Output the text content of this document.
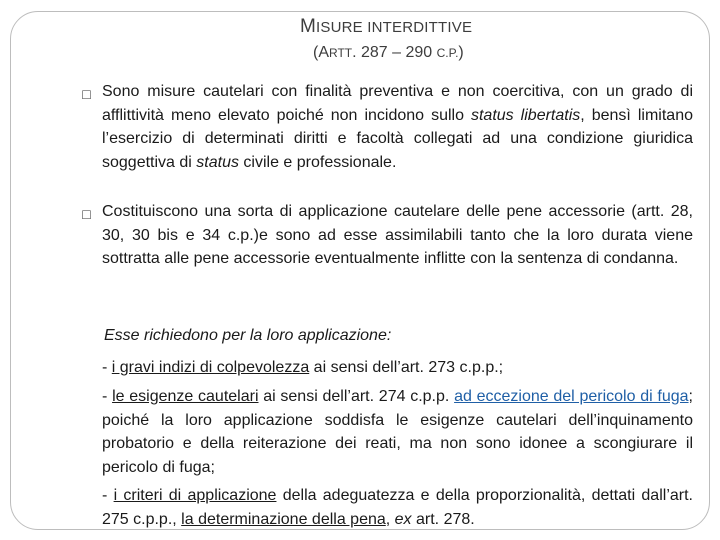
MISURE INTERDITTIVE
(ARTT. 287 – 290 C.P.)
□ Sono misure cautelari con finalità preventiva e non coercitiva, con un grado di afflittività meno elevato poiché non incidono sullo status libertatis, bensì limitano l’esercizio di determinati diritti e facoltà collegati ad una condizione giuridica soggettiva di status civile e professionale.

□ Costituiscono una sorta di applicazione cautelare delle pene accessorie (artt. 28, 30, 30 bis e 34 c.p.)e sono ad esse assimilabili tanto che la loro durata viene sottratta alle pene accessorie eventualmente inflitte con la sentenza di condanna.

Esse richiedono per la loro applicazione:

- i gravi indizi di colpevolezza ai sensi dell’art. 273 c.p.p.;

- le esigenze cautelari ai sensi dell’art. 274 c.p.p. ad eccezione del pericolo di fuga; poiché la loro applicazione soddisfa le esigenze cautelari dell’inquinamento probatorio e della reiterazione dei reati, ma non sono idonee a scongiurare il pericolo di fuga;

- i criteri di applicazione della adeguatezza e della proporzionalità, dettati dall’art. 275 c.p.p., la determinazione della pena, ex art. 278.
